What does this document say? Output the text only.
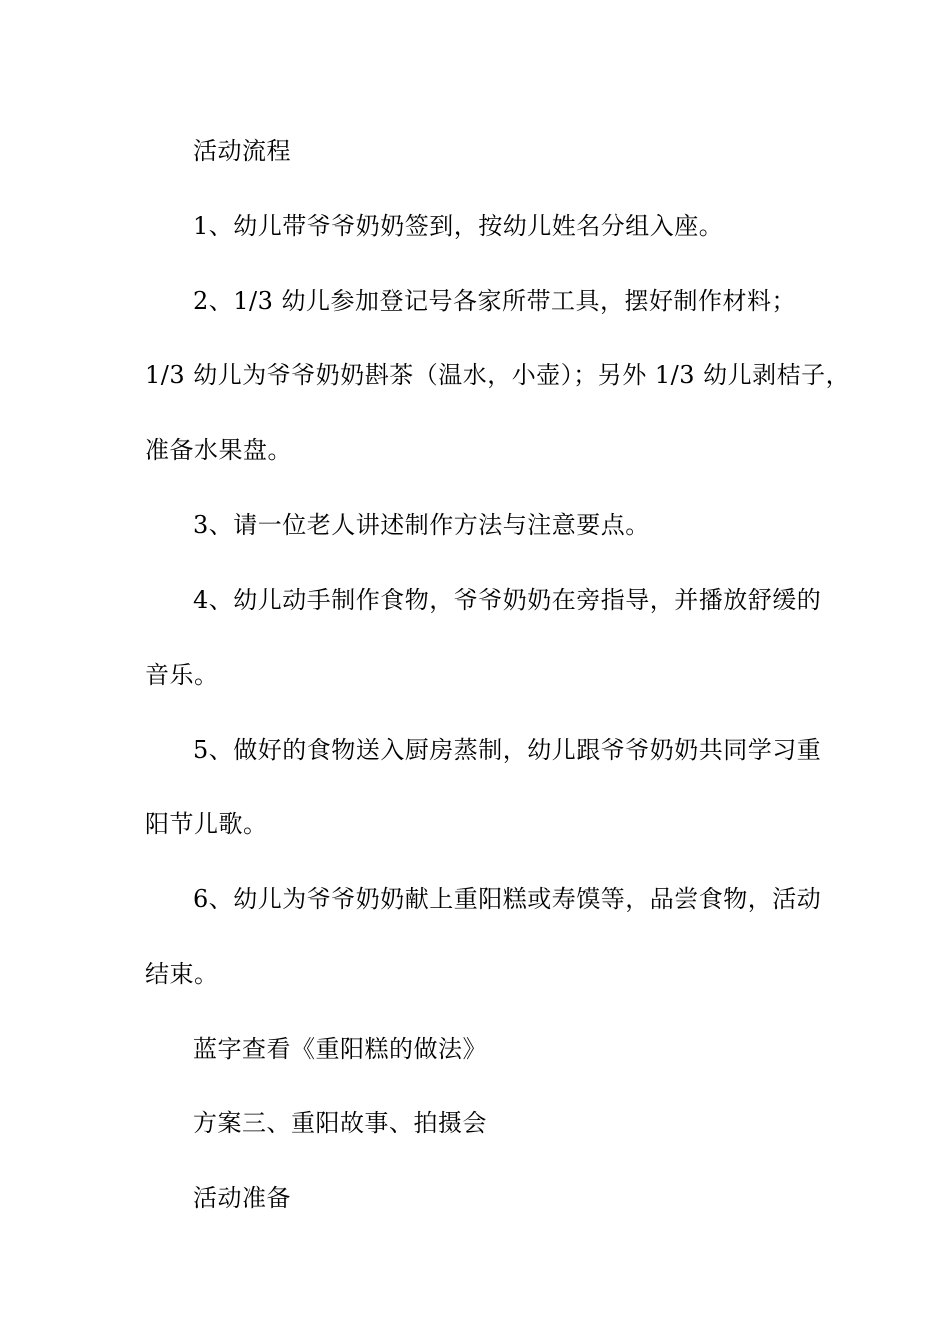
活动流程
1、幼儿带爷爷奶奶签到，按幼儿姓名分组入座。
2、1/3 幼儿参加登记号各家所带工具，摆好制作材料；
1/3 幼儿为爷爷奶奶斟茶（温水，小壶）；另外 1/3 幼儿剥桔子，
准备水果盘。
3、请一位老人讲述制作方法与注意要点。
4、幼儿动手制作食物，爷爷奶奶在旁指导，并播放舒缓的
音乐。
5、做好的食物送入厨房蒸制，幼儿跟爷爷奶奶共同学习重
阳节儿歌。
6、幼儿为爷爷奶奶献上重阳糕或寿馍等，品尝食物，活动
结束。
蓝字查看《重阳糕的做法》
方案三、重阳故事、拍摄会
活动准备
